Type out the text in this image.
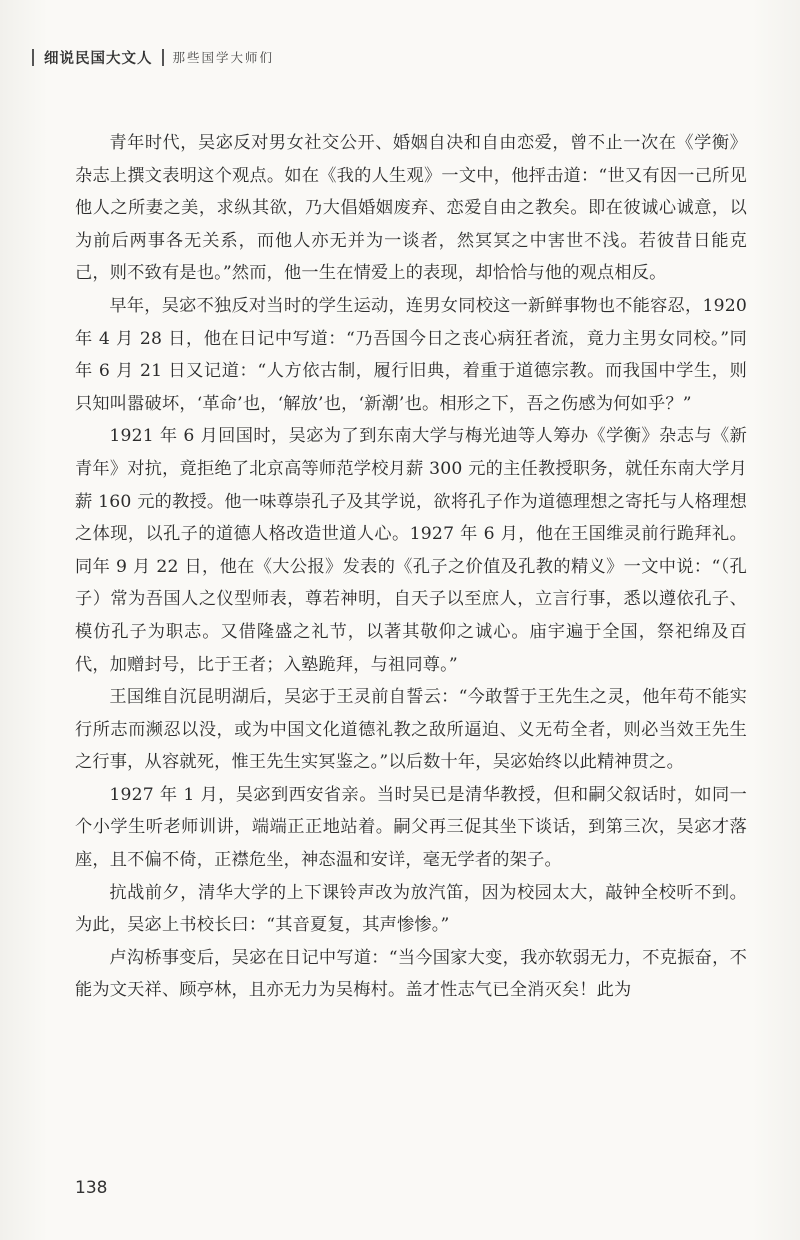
细说民国大文人 那些国学大师们

青年时代，吴宓反对男女社交公开、婚姻自决和自由恋爱，曾不止一次在《学衡》杂志上撰文表明这个观点。如在《我的人生观》一文中，他抨击道：“世又有因一己所见他人之所妻之美，求纵其欲，乃大倡婚姻废弃、恋爱自由之教矣。即在彼诚心诚意，以为前后两事各无关系，而他人亦无并为一谈者，然冥冥之中害世不浅。若彼昔日能克己，则不致有是也。”然而，他一生在情爱上的表现，却恰恰与他的观点相反。

早年，吴宓不独反对当时的学生运动，连男女同校这一新鲜事物也不能容忍，1920 年 4 月 28 日，他在日记中写道：“乃吾国今日之丧心病狂者流，竟力主男女同校。”同年 6 月 21 日又记道：“人方依古制，履行旧典，着重于道德宗教。而我国中学生，则只知叫嚣破坏，‘革命’也，‘解放’也，‘新潮’也。相形之下，吾之伤感为何如乎？”

1921 年 6 月回国时，吴宓为了到东南大学与梅光迪等人筹办《学衡》杂志与《新青年》对抗，竟拒绝了北京高等师范学校月薪 300 元的主任教授职务，就任东南大学月薪 160 元的教授。他一味尊崇孔子及其学说，欲将孔子作为道德理想之寄托与人格理想之体现，以孔子的道德人格改造世道人心。1927 年 6 月，他在王国维灵前行跪拜礼。同年 9 月 22 日，他在《大公报》发表的《孔子之价值及孔教的精义》一文中说：“（孔子）常为吾国人之仪型师表，尊若神明，自天子以至庶人，立言行事，悉以遵依孔子、模仿孔子为职志。又借隆盛之礼节，以著其敬仰之诚心。庙宇遍于全国，祭祀绵及百代，加赠封号，比于王者；入塾跪拜，与祖同尊。”

王国维自沉昆明湖后，吴宓于王灵前自誓云：“今敢誓于王先生之灵，他年苟不能实行所志而濒忍以没，或为中国文化道德礼教之敌所逼迫、义无苟全者，则必当效王先生之行事，从容就死，惟王先生实冥鉴之。”以后数十年，吴宓始终以此精神贯之。

1927 年 1 月，吴宓到西安省亲。当时吴已是清华教授，但和嗣父叙话时，如同一个小学生听老师训讲，端端正正地站着。嗣父再三促其坐下谈话，到第三次，吴宓才落座，且不偏不倚，正襟危坐，神态温和安详，毫无学者的架子。

抗战前夕，清华大学的上下课铃声改为放汽笛，因为校园太大，敲钟全校听不到。为此，吴宓上书校长曰：“其音夏复，其声惨惨。”

卢沟桥事变后，吴宓在日记中写道：“当今国家大变，我亦软弱无力，不克振奋，不能为文天祥、顾亭林，且亦无力为吴梅村。盖才性志气已全消灭矣！此为

138
